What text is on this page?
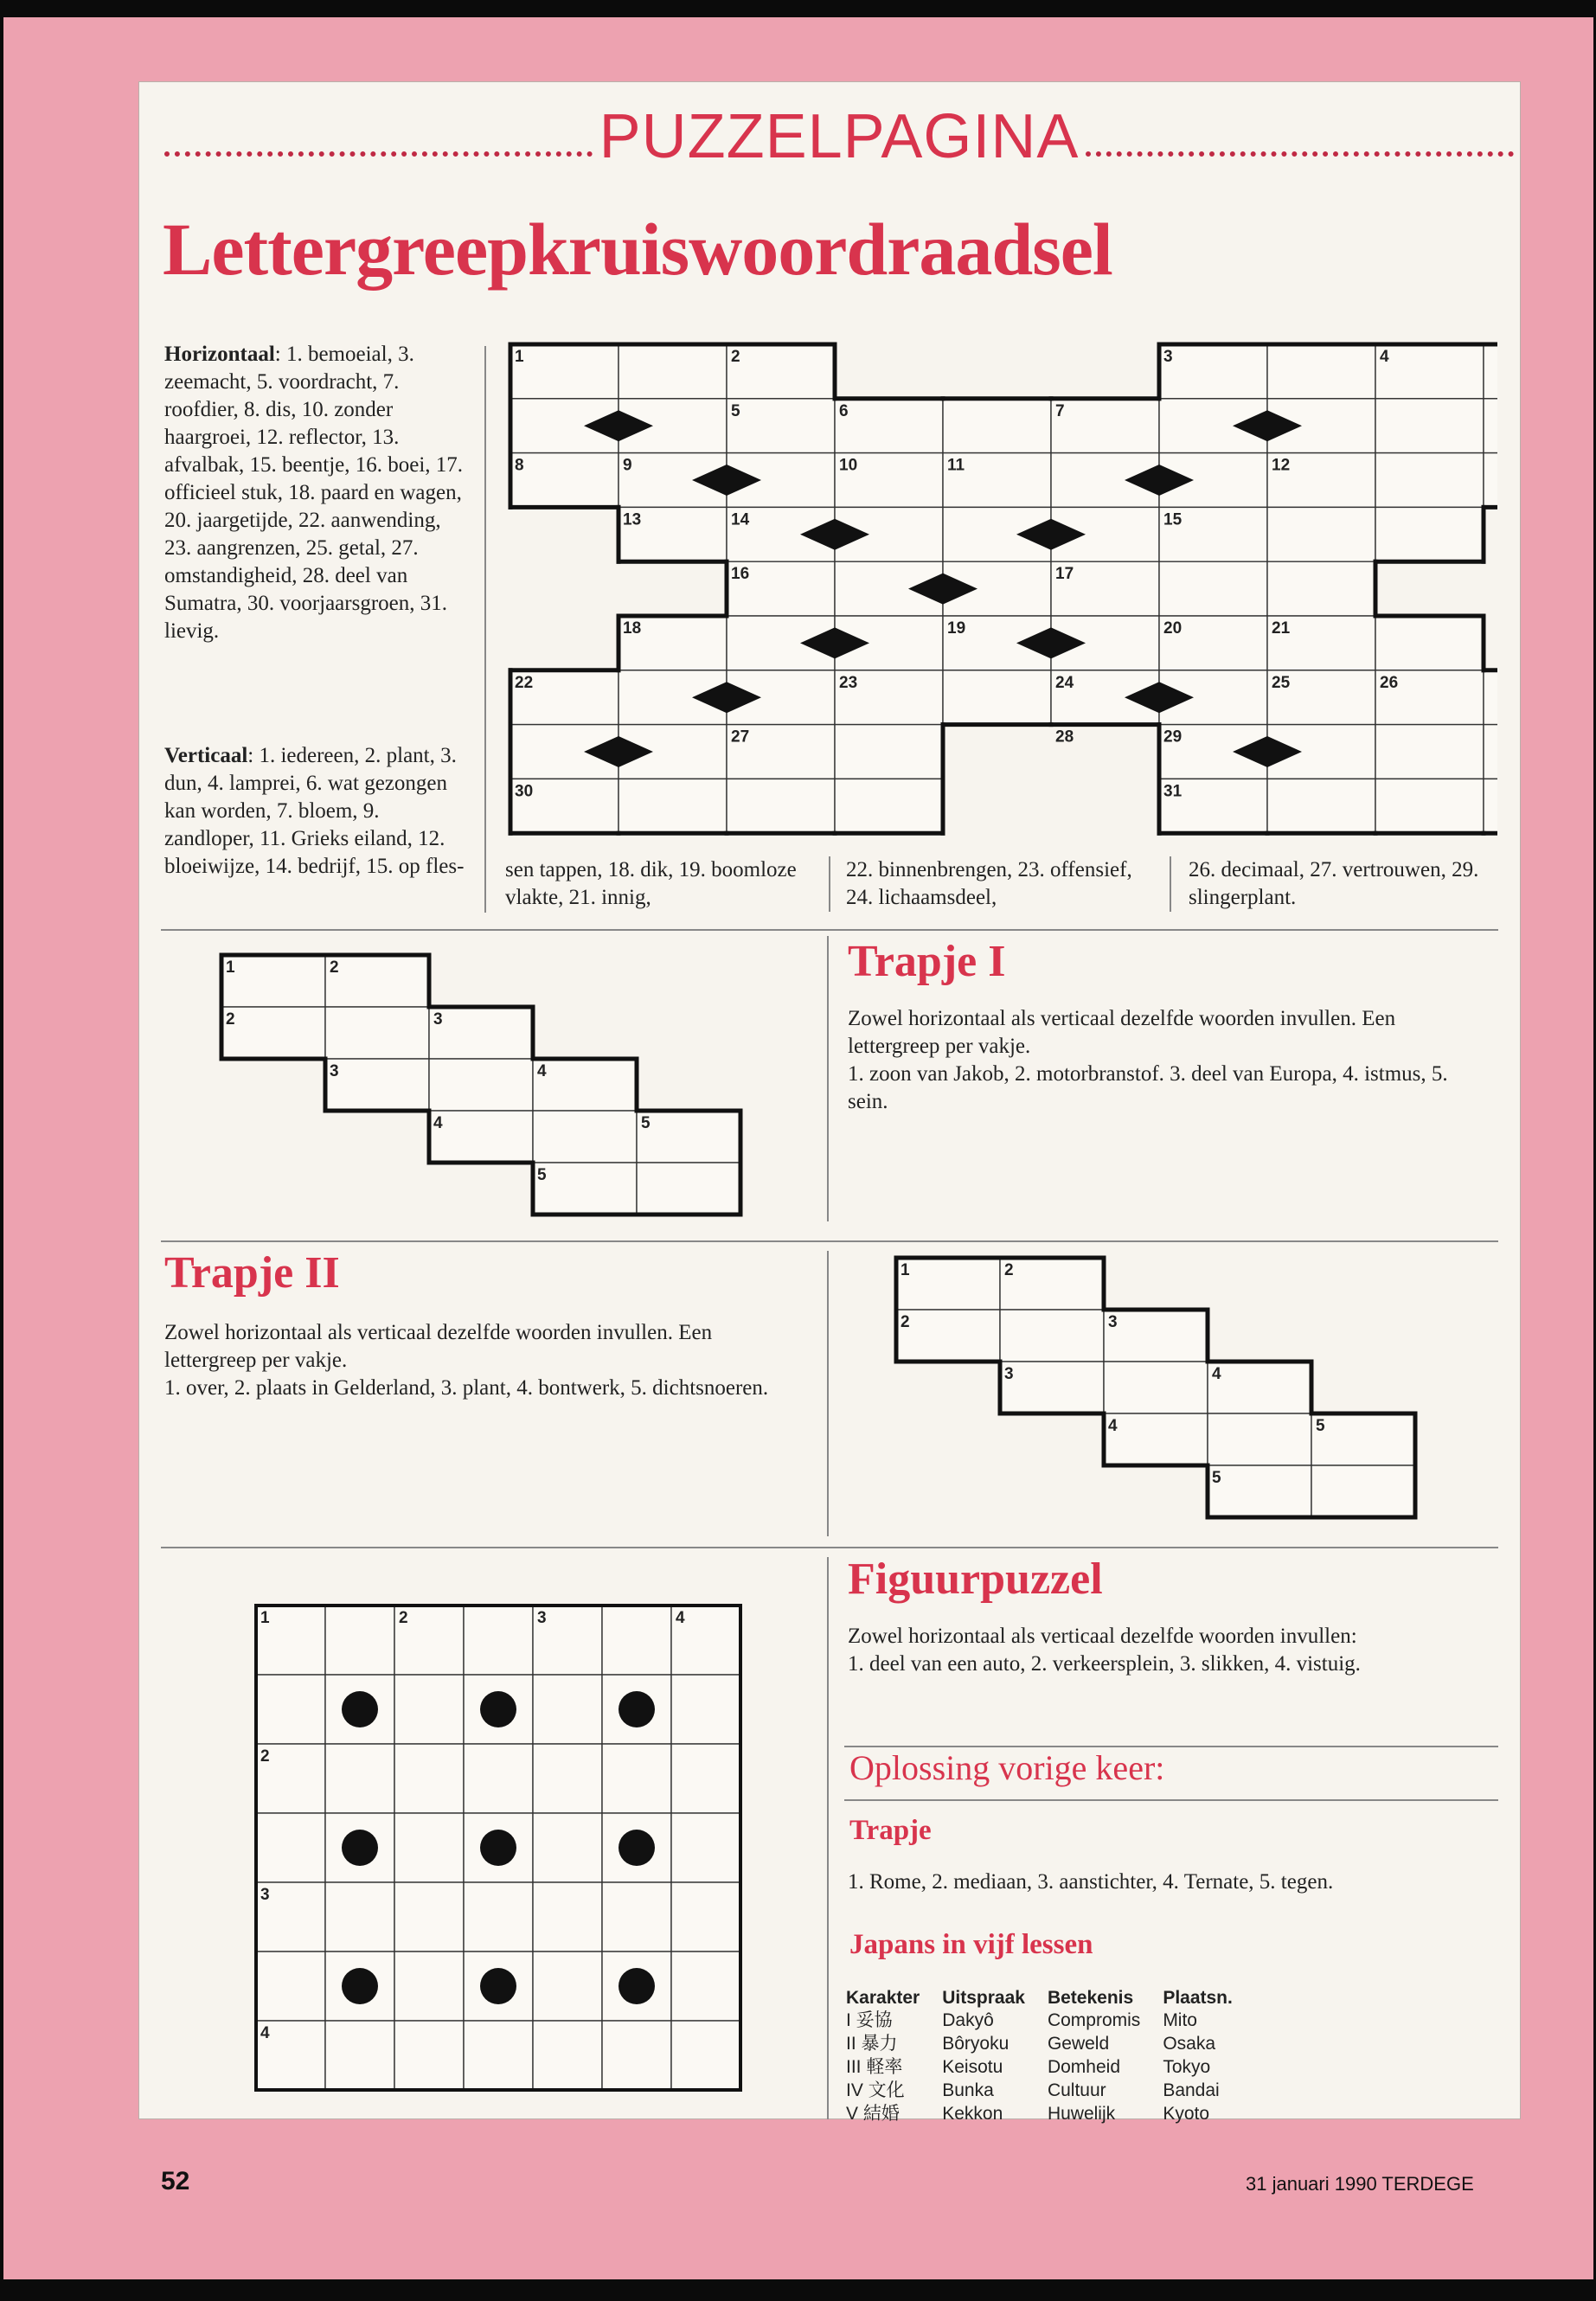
PUZZELPAGINA
Lettergreepkruiswoordraadsel
Horizontaal: 1. bemoeial, 3. zeemacht, 5. voordracht, 7. roofdier, 8. dis, 10. zonder haargroei, 12. reflector, 13. afvalbak, 15. beentje, 16. boei, 17. officieel stuk, 18. paard en wagen, 20. jaargetijde, 22. aanwending, 23. aangrenzen, 25. getal, 27. omstandigheid, 28. deel van Sumatra, 30. voorjaarsgroen, 31. lievig.
Verticaal: 1. iedereen, 2. plant, 3. dun, 4. lamprei, 6. wat gezongen kan worden, 7. bloem, 9. zandloper, 11. Grieks eiland, 12. bloeiwijze, 14. bedrijf, 15. op fles-
1	2	3	4
5	6	7
8	9	10	11	12
13	14	15
16	17
18	19	20	21
22	23	24	25	26
27	28	29
30	31
sen tappen, 18. dik, 19. boomloze vlakte, 21. innig,
22. binnenbrengen, 23. offensief, 24. lichaamsdeel,
26. decimaal, 27. vertrouwen, 29. slingerplant.
1	2
2	3
3	4
4	5
5
Trapje I
Zowel horizontaal als verticaal dezelfde woorden invullen. Een lettergreep per vakje.
1. zoon van Jakob, 2. motorbranstof. 3. deel van Europa, 4. istmus, 5. sein.
Trapje II
Zowel horizontaal als verticaal dezelfde woorden invullen. Een lettergreep per vakje.
1. over, 2. plaats in Gelderland, 3. plant, 4. bontwerk, 5. dichtsnoeren.
1	2
2	3
3	4
4	5
5
1	2	3	4
2
3
4
Figuurpuzzel
Zowel horizontaal als verticaal dezelfde woorden invullen:
1. deel van een auto, 2. verkeersplein, 3. slikken, 4. vistuig.
Oplossing vorige keer:
Trapje
1. Rome, 2. mediaan, 3. aanstichter, 4. Ternate, 5. tegen.
Japans in vijf lessen
Karakter	Uitspraak	Betekenis	Plaatsn.
I 妥協	Dakyô	Compromis	Mito
II 暴力	Bôryoku	Geweld	Osaka
III 軽率	Keisotu	Domheid	Tokyo
IV 文化	Bunka	Cultuur	Bandai
V 結婚	Kekkon	Huwelijk	Kyoto
52	31 januari 1990 TERDEGE
